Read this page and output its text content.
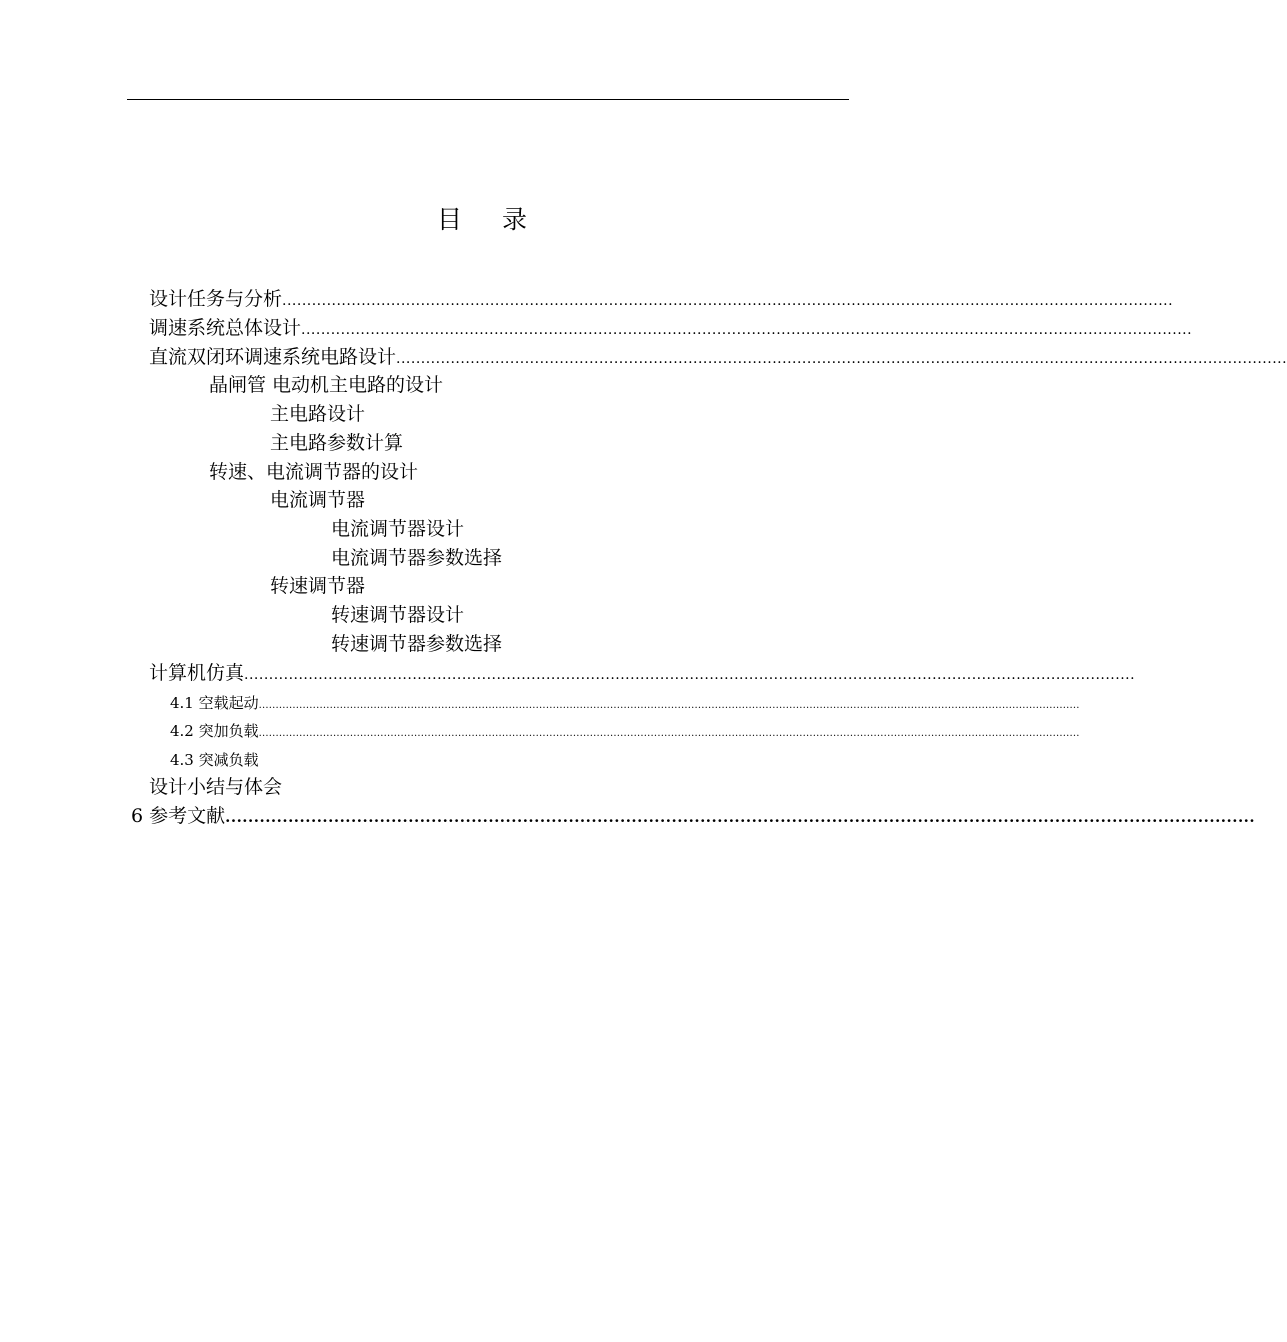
目 录
设计任务与分析 ....................................................................................................................................................................................
调速系统总体设计 ....................................................................................................................................................................................
直流双闭环调速系统电路设计 ....................................................................................................................................................................................
晶闸管 电动机主电路的设计
主电路设计
主电路参数计算
转速、电流调节器的设计
电流调节器
电流调节器设计
电流调节器参数选择
转速调节器
转速调节器设计
转速调节器参数选择
计算机仿真 ....................................................................................................................................................................................
4.1 空载起动 ...................................................................................................................................................................................................................................................
4.2 突加负载 ...................................................................................................................................................................................................................................................
4.3 突减负载
设计小结与体会
6 参考文献 ....................................................................................................................................................................................
